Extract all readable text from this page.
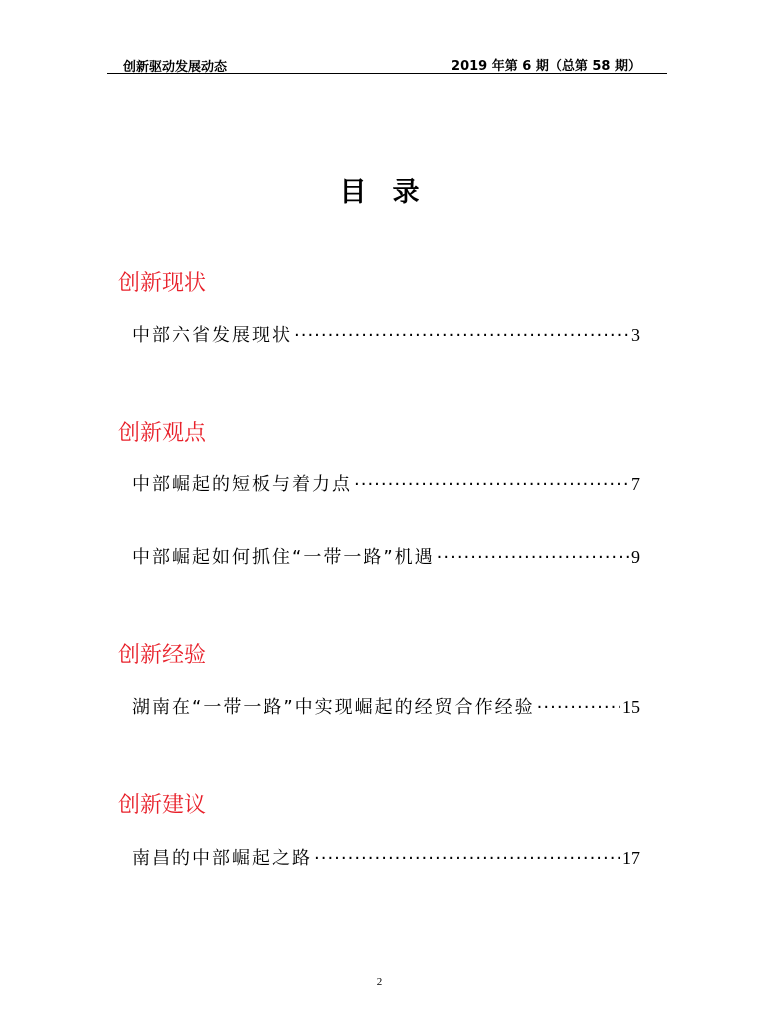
创新驱动发展动态	2019 年第 6 期（总第 58 期）
目录
创新现状
中部六省发展现状 ·····	3
创新观点
中部崛起的短板与着力点 ·····	7
中部崛起如何抓住“一带一路”机遇 ·····	9
创新经验
湖南在“一带一路”中实现崛起的经贸合作经验 ·····	15
创新建议
南昌的中部崛起之路 ·····	17
2
